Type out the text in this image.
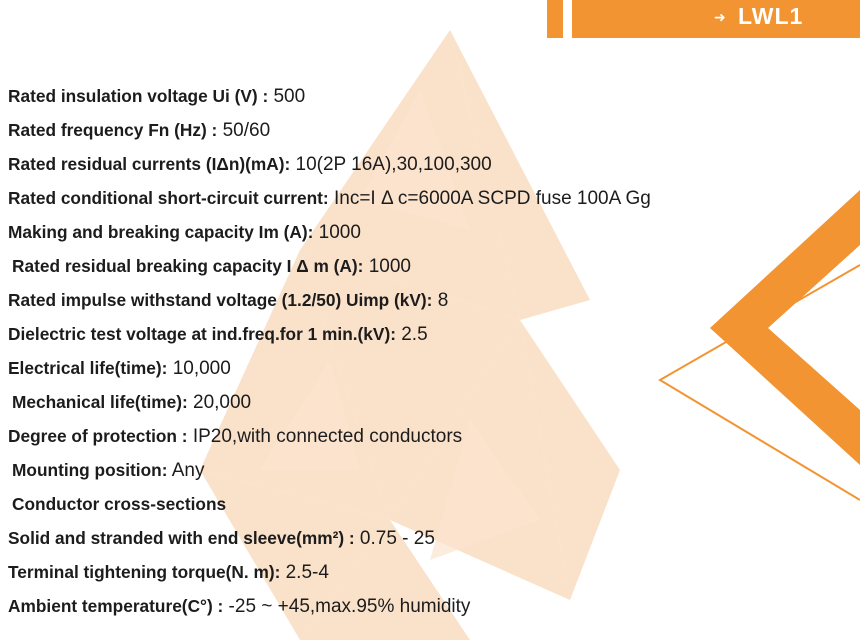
➜ LWL1
Rated insulation voltage Ui (V) : 500
Rated frequency Fn (Hz) : 50/60
Rated residual currents (IΔn)(mA): 10(2P 16A),30,100,300
Rated conditional short-circuit current: Inc=I Δ c=6000A SCPD fuse 100A Gg
Making and breaking capacity Im (A): 1000
Rated residual breaking capacity I Δ m (A): 1000
Rated impulse withstand voltage (1.2/50) Uimp (kV): 8
Dielectric test voltage at ind.freq.for 1 min.(kV): 2.5
Electrical life(time): 10,000
Mechanical life(time): 20,000
Degree of protection : IP20,with connected conductors
Mounting position: Any
Conductor cross-sections
Solid and stranded with end sleeve(mm²) : 0.75 - 25
Terminal tightening torque(N. m): 2.5-4
Ambient temperature(C°) : -25 ~ +45,max.95% humidity
